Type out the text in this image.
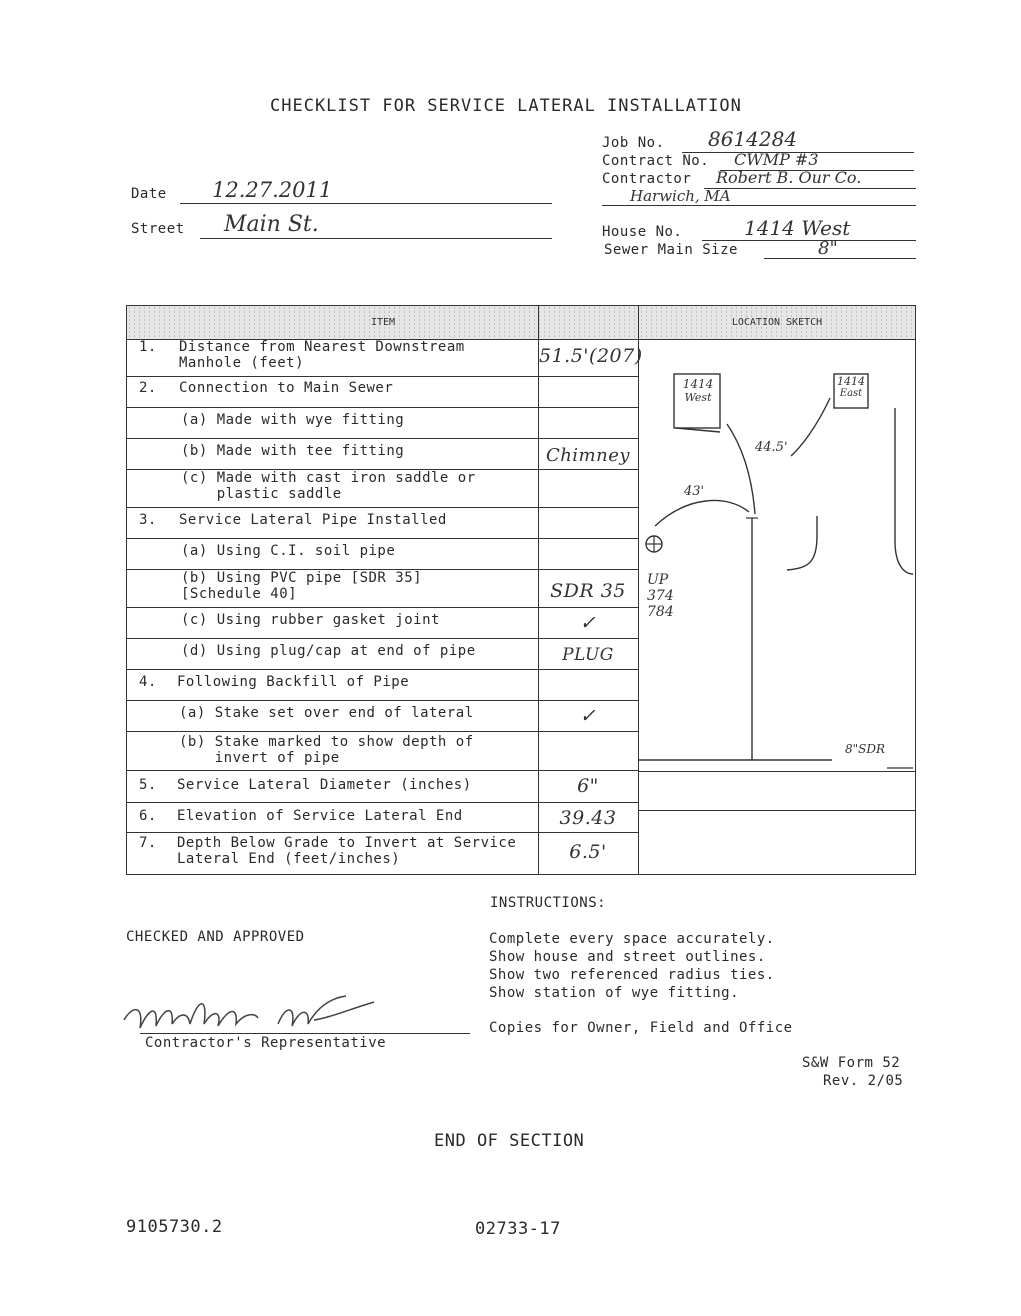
CHECKLIST FOR SERVICE LATERAL INSTALLATION
Job No. 8614284
Contract No. CWMP #3
Contractor Robert B. Our Co.
Harwich, MA
House No.	1414 West
Sewer Main Size	8"
Date 12.27.2011
Street Main St.
ITEM	LOCATION SKETCH
1. Distance from Nearest Downstream
Manhole (feet)	51.5'(207)
2. Connection to Main Sewer
(a) Made with wye fitting
(b) Made with tee fitting	Chimney
(c) Made with cast iron saddle or
plastic saddle
3. Service Lateral Pipe Installed
(a) Using C.I. soil pipe
(b) Using PVC pipe [SDR 35]
[Schedule 40]	SDR 35
(c) Using rubber gasket joint	✓
(d) Using plug/cap at end of pipe	PLUG
4. Following Backfill of Pipe
(a) Stake set over end of lateral	✓
(b) Stake marked to show depth of
invert of pipe
5. Service Lateral Diameter (inches)	6"
6. Elevation of Service Lateral End	39.43
7. Depth Below Grade to Invert at Service
Lateral End (feet/inches)	6.5'
1414
West
1414
East
44.5'
43'
UP
374
784
8"SDR
INSTRUCTIONS:
Complete every space accurately.
Show house and street outlines.
Show two referenced radius ties.
Show station of wye fitting.
Copies for Owner, Field and Office
CHECKED AND APPROVED
Contractor's Representative
S&W Form 52
Rev. 2/05
END OF SECTION
9105730.2	02733-17
